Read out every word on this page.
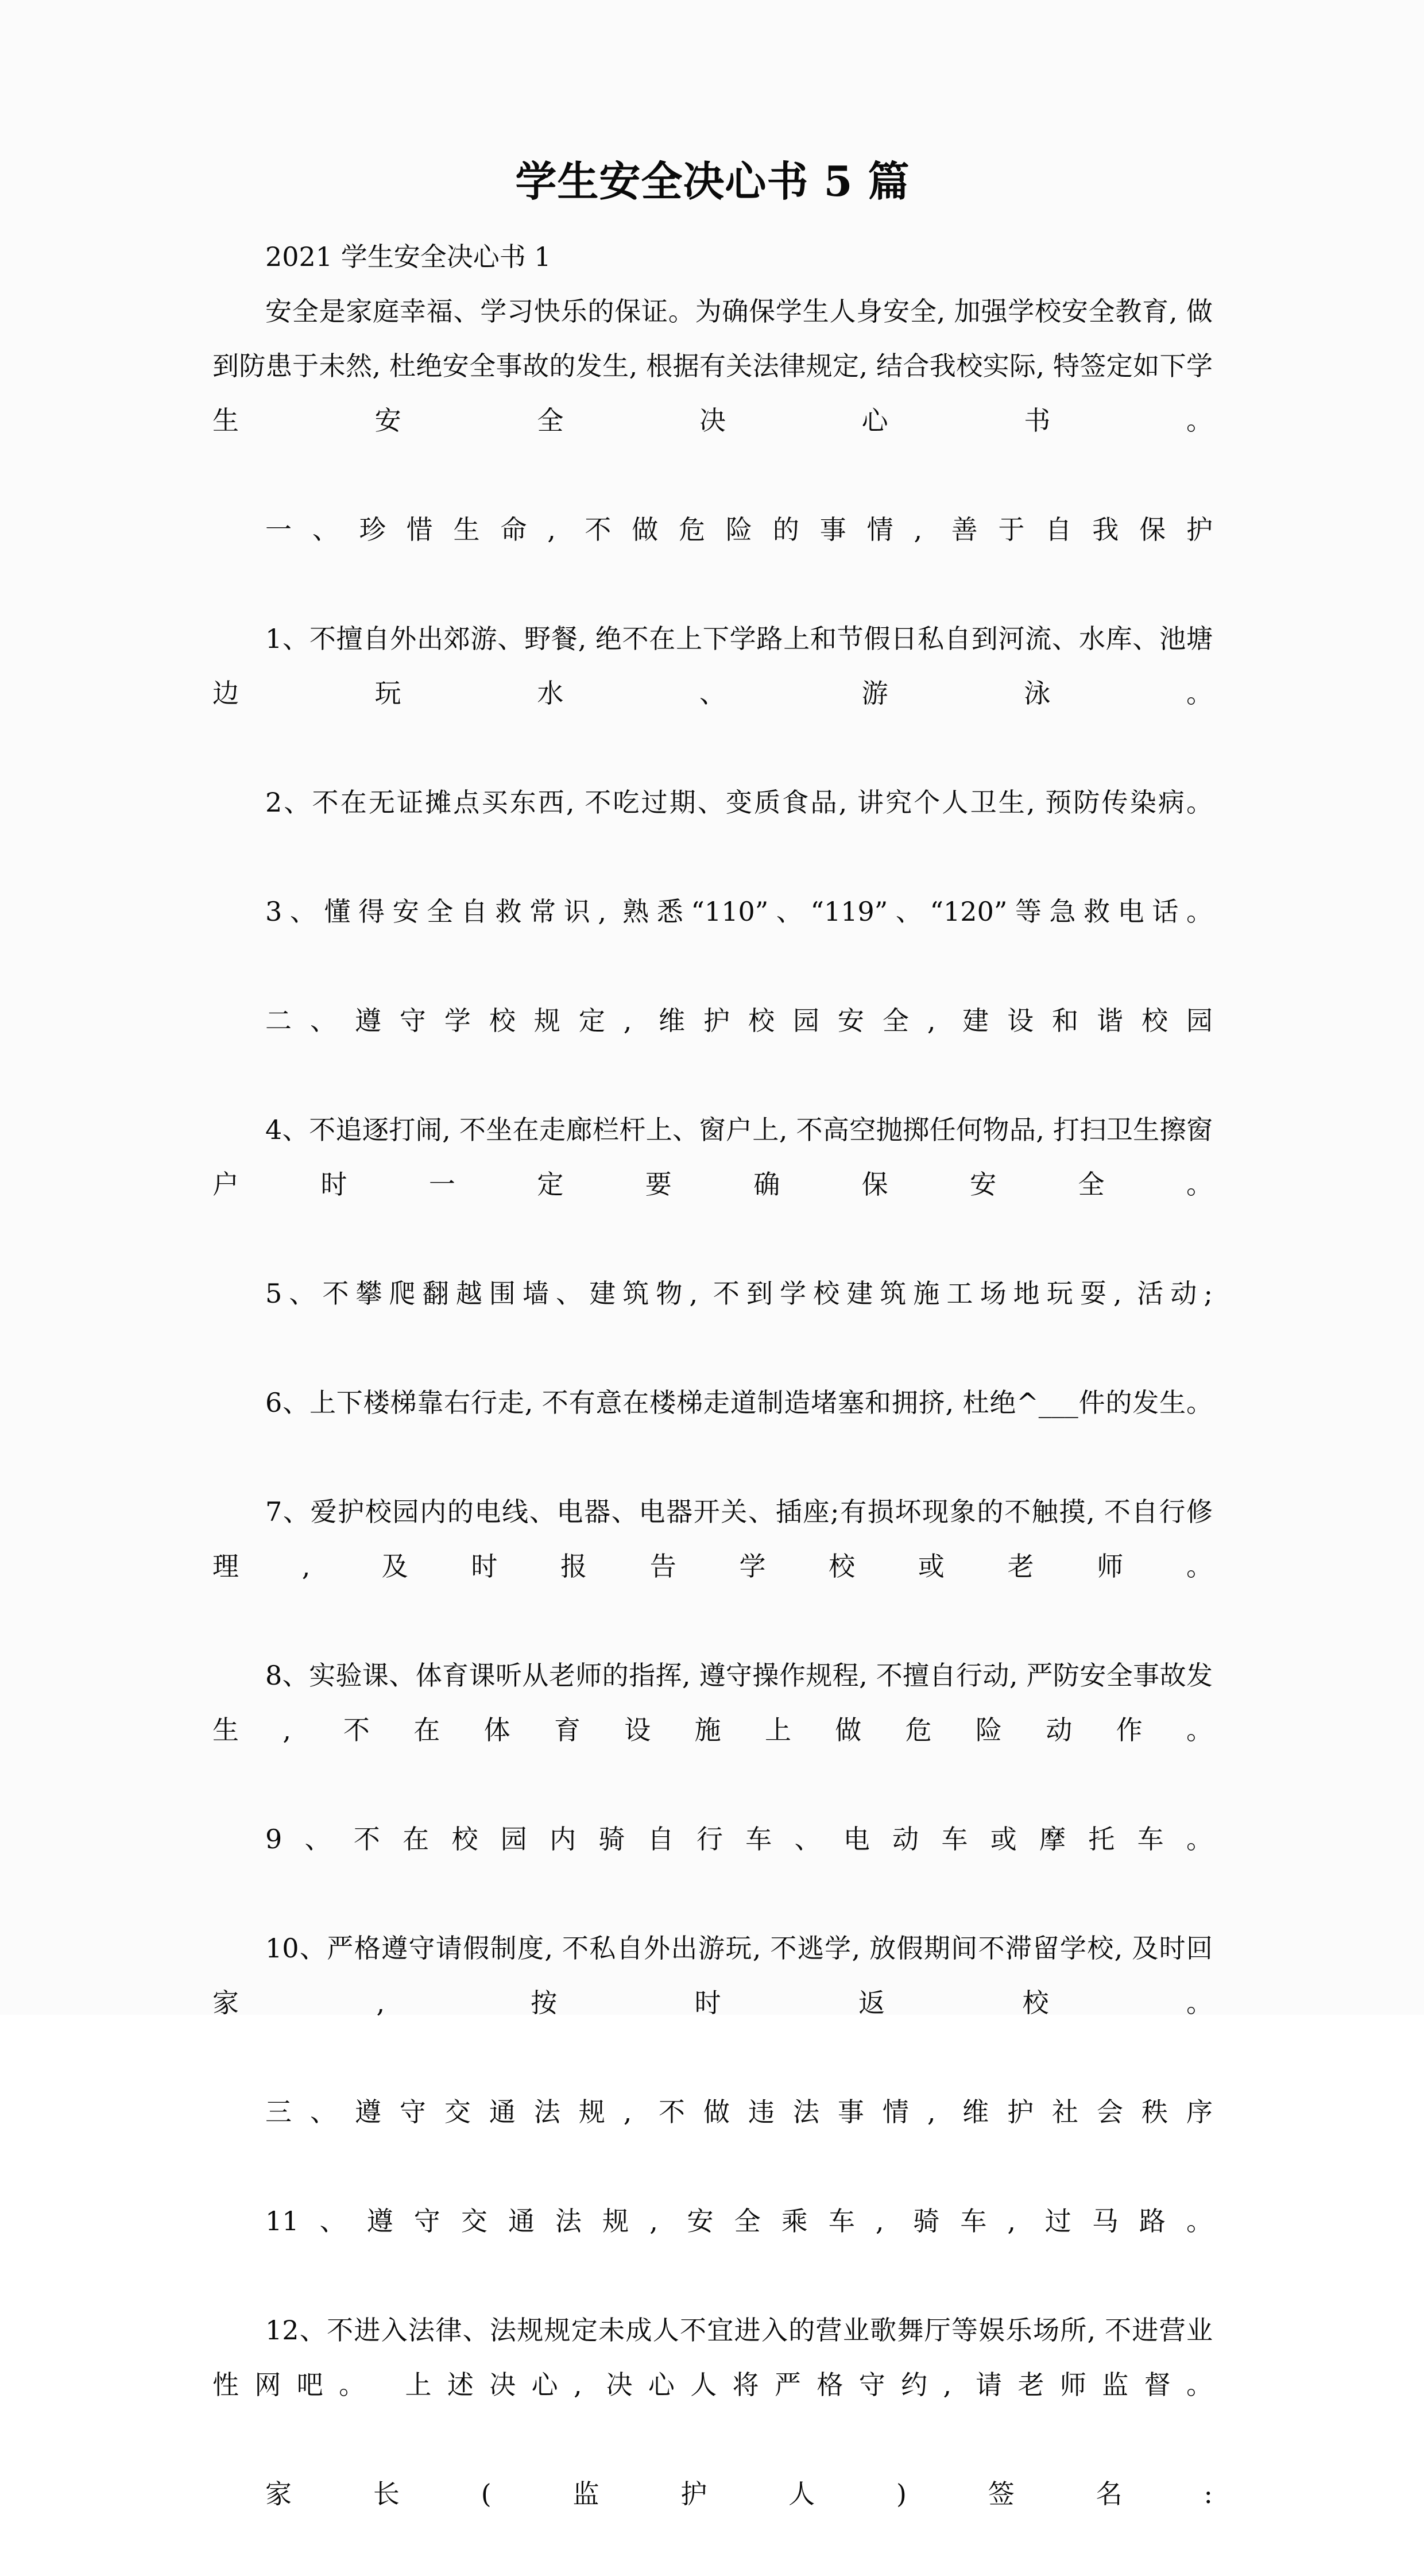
学生安全决心书 5 篇

2021 学生安全决心书 1

安全是家庭幸福、学习快乐的保证。为确保学生人身安全, 加强学校安全教育, 做到防患于未然, 杜绝安全事故的发生, 根据有关法律规定, 结合我校实际, 特签定如下学生安全决心书。

一、珍惜生命, 不做危险的事情, 善于自我保护

1、不擅自外出郊游、野餐, 绝不在上下学路上和节假日私自到河流、水库、池塘边玩水、游泳。

2、不在无证摊点买东西, 不吃过期、变质食品, 讲究个人卫生, 预防传染病。

3、懂得安全自救常识, 熟悉“110”、“119”、“120”等急救电话。

二、遵守学校规定, 维护校园安全, 建设和谐校园

4、不追逐打闹, 不坐在走廊栏杆上、窗户上, 不高空抛掷任何物品, 打扫卫生擦窗户时一定要确保安全。

5、不攀爬翻越围墙、建筑物, 不到学校建筑施工场地玩耍, 活动;

6、上下楼梯靠右行走, 不有意在楼梯走道制造堵塞和拥挤, 杜绝^___件的发生。

7、爱护校园内的电线、电器、电器开关、插座;有损坏现象的不触摸, 不自行修理, 及时报告学校或老师。

8、实验课、体育课听从老师的指挥, 遵守操作规程, 不擅自行动, 严防安全事故发生, 不在体育设施上做危险动作。

9、不在校园内骑自行车、电动车或摩托车。

10、严格遵守请假制度, 不私自外出游玩, 不逃学, 放假期间不滞留学校, 及时回家, 按时返校。

三、遵守交通法规, 不做违法事情, 维护社会秩序

11、遵守交通法规, 安全乘车, 骑车, 过马路。

12、不进入法律、法规规定未成人不宜进入的营业歌舞厅等娱乐场所, 不进营业性网吧。 上述决心, 决心人将严格守约, 请老师监督。

家长(监护人)签名:
